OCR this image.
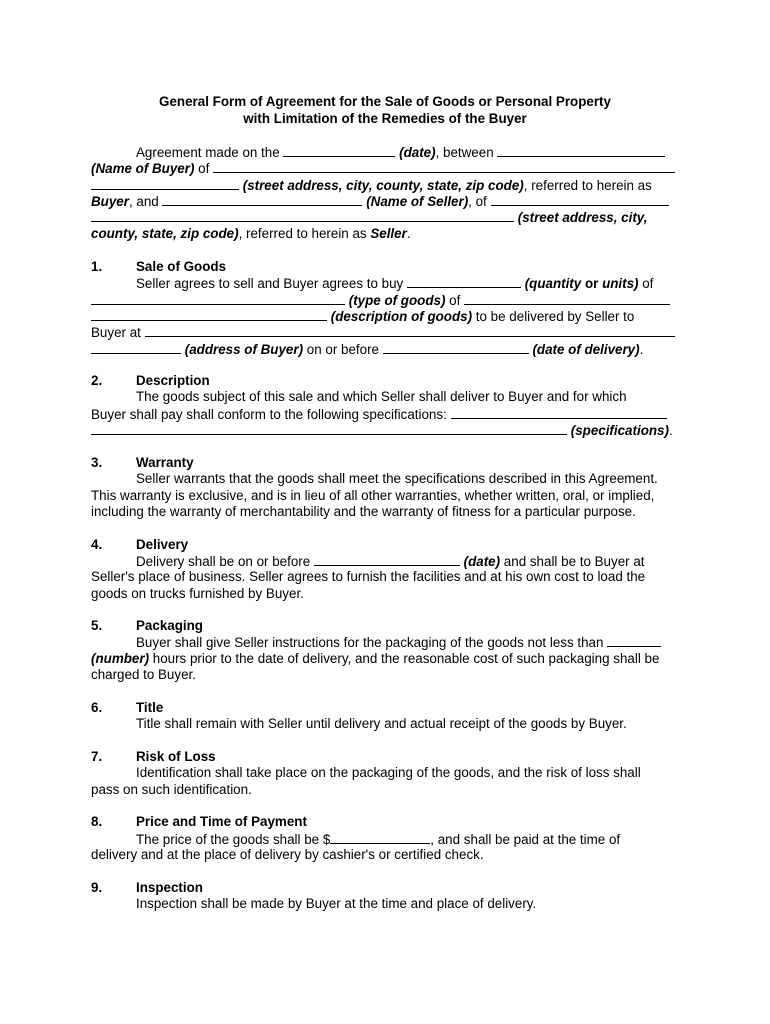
General Form of Agreement for the Sale of Goods or Personal Property
with Limitation of the Remedies of the Buyer
Agreement made on the	(date), between
(Name of Buyer) of
(street address, city, county, state, zip code), referred to herein as
Buyer, and	(Name of Seller), of
(street address, city,
county, state, zip code), referred to herein as Seller.
1.	Sale of Goods
Seller agrees to sell and Buyer agrees to buy	(quantity or units) of
(type of goods) of
(description of goods) to be delivered by Seller to
Buyer at
(address of Buyer) on or before	(date of delivery).
2.	Description
The goods subject of this sale and which Seller shall deliver to Buyer and for which
Buyer shall pay shall conform to the following specifications:
(specifications).
3.	Warranty
Seller warrants that the goods shall meet the specifications described in this Agreement.
This warranty is exclusive, and is in lieu of all other warranties, whether written, oral, or implied,
including the warranty of merchantability and the warranty of fitness for a particular purpose.
4.	Delivery
Delivery shall be on or before	(date) and shall be to Buyer at
Seller's place of business. Seller agrees to furnish the facilities and at his own cost to load the
goods on trucks furnished by Buyer.
5.	Packaging
Buyer shall give Seller instructions for the packaging of the goods not less than
(number) hours prior to the date of delivery, and the reasonable cost of such packaging shall be
charged to Buyer.
6.	Title
Title shall remain with Seller until delivery and actual receipt of the goods by Buyer.
7.	Risk of Loss
Identification shall take place on the packaging of the goods, and the risk of loss shall
pass on such identification.
8.	Price and Time of Payment
The price of the goods shall be $	, and shall be paid at the time of
delivery and at the place of delivery by cashier's or certified check.
9.	Inspection
Inspection shall be made by Buyer at the time and place of delivery.
